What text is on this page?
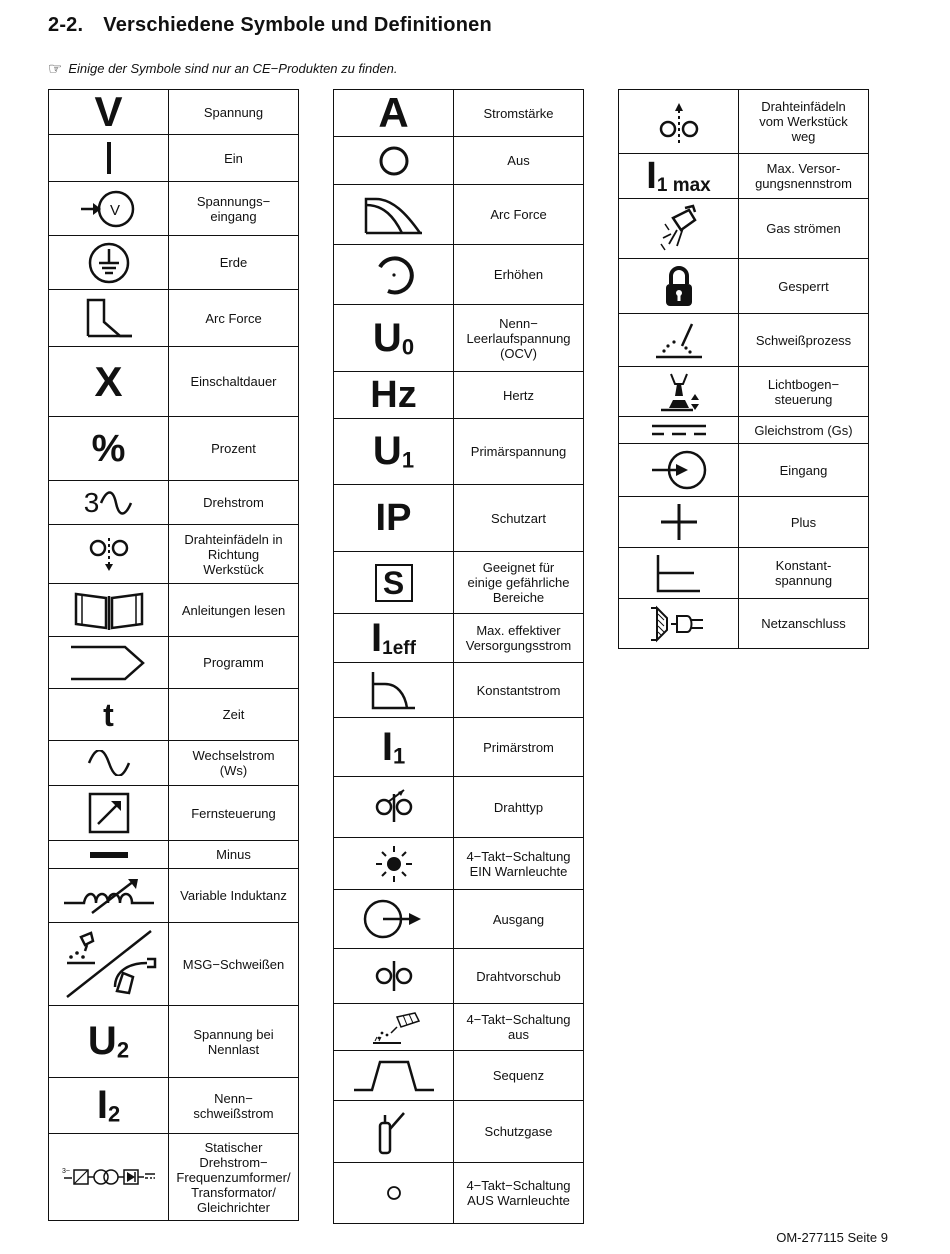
2-2. Verschiedene Symbole und Definitionen
☞ Einige der Symbole sind nur an CE−Produkten zu finden.
V	Spannung

	Ein

V	Spannungs−
eingang

	Erde

	Arc Force

X	Einschaltdauer

%	Prozent

3	Drehstrom

	Drahteinfädeln in
Richtung
Werkstück

	Anleitungen lesen

	Programm

t	Zeit

	Wechselstrom
(Ws)

	Fernsteuerung

	Minus

	Variable Induktanz

	MSG−Schweißen

U2	Spannung bei
Nennlast

I2	Nenn−
schweißstrom

3~	Statischer
Drehstrom−
Frequenzumformer/
Transformator/
Gleichrichter
A	Stromstärke

	Aus

	Arc Force

	Erhöhen

U0	Nenn−
Leerlaufspannung
(OCV)

Hz	Hertz

U1	Primärspannung

IP	Schutzart

S	Geeignet für
einige gefährliche
Bereiche

I1eff	Max. effektiver
Versorgungsstrom

	Konstantstrom

I1	Primärstrom

	Drahttyp

	4−Takt−Schaltung
EIN Warnleuchte

	Ausgang

	Drahtvorschub

	4−Takt−Schaltung
aus

	Sequenz

	Schutzgase

	4−Takt−Schaltung
AUS Warnleuchte
	Drahteinfädeln
vom Werkstück
weg

I1 max	Max. Versor-
gungsnennstrom

	Gas strömen

	Gesperrt

	Schweißprozess

	Lichtbogen−
steuerung

	Gleichstrom (Gs)

	Eingang

	Plus

	Konstant-
spannung

	Netzanschluss
OM-277115 Seite 9
